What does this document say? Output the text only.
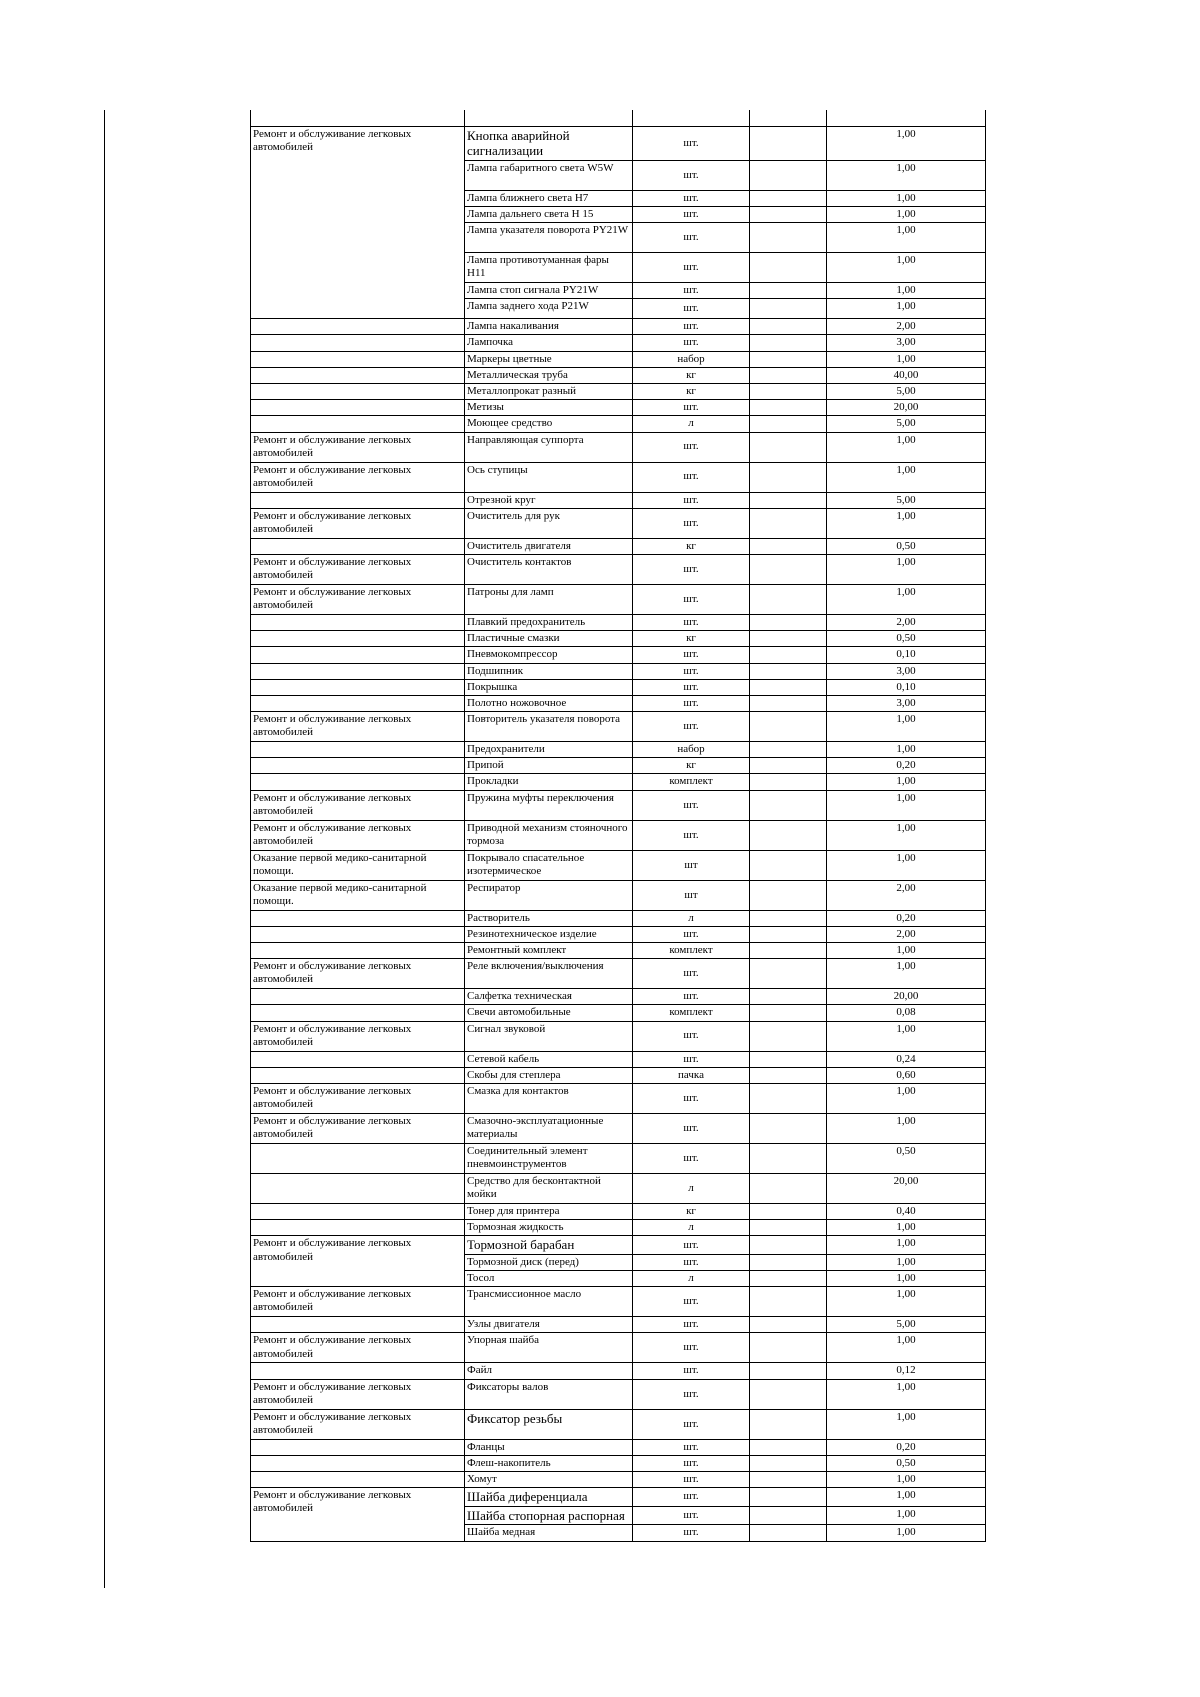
Ремонт и обслуживание легковых автомобилей	Кнопка аварийной сигнализации	шт.		1,00
	Лампа габаритного света W5W	шт.		1,00
	Лампа ближнего света H7	шт.		1,00
	Лампа дальнего света H 15	шт.		1,00
	Лампа указателя поворота PY21W	шт.		1,00
	Лампа противотуманная фары H11	шт.		1,00
	Лампа стоп сигнала PY21W	шт.		1,00
	Лампа заднего хода P21W	шт.		1,00
	Лампа накаливания	шт.		2,00
	Лампочка	шт.		3,00
	Маркеры цветные	набор		1,00
	Металлическая труба	кг		40,00
	Металлопрокат разный	кг		5,00
	Метизы	шт.		20,00
	Моющее средство	л		5,00
Ремонт и обслуживание легковых автомобилей	Направляющая суппорта	шт.		1,00
Ремонт и обслуживание легковых автомобилей	Ось ступицы	шт.		1,00
	Отрезной круг	шт.		5,00
Ремонт и обслуживание легковых автомобилей	Очиститель для рук	шт.		1,00
	Очиститель двигателя	кг		0,50
Ремонт и обслуживание легковых автомобилей	Очиститель контактов	шт.		1,00
Ремонт и обслуживание легковых автомобилей	Патроны для ламп	шт.		1,00
	Плавкий предохранитель	шт.		2,00
	Пластичные смазки	кг		0,50
	Пневмокомпрессор	шт.		0,10
	Подшипник	шт.		3,00
	Покрышка	шт.		0,10
	Полотно ножовочное	шт.		3,00
Ремонт и обслуживание легковых автомобилей	Повторитель указателя поворота	шт.		1,00
	Предохранители	набор		1,00
	Припой	кг		0,20
	Прокладки	комплект		1,00
Ремонт и обслуживание легковых автомобилей	Пружина муфты переключения	шт.		1,00
Ремонт и обслуживание легковых автомобилей	Приводной механизм стояночного тормоза	шт.		1,00
Оказание первой медико-санитарной помощи.	Покрывало спасательное изотермическое	шт		1,00
Оказание первой медико-санитарной помощи.	Респиратор	шт		2,00
	Растворитель	л		0,20
	Резинотехническое изделие	шт.		2,00
	Ремонтный комплект	комплект		1,00
Ремонт и обслуживание легковых автомобилей	Реле включения/выключения	шт.		1,00
	Салфетка техническая	шт.		20,00
	Свечи автомобильные	комплект		0,08
Ремонт и обслуживание легковых автомобилей	Сигнал звуковой	шт.		1,00
	Сетевой кабель	шт.		0,24
	Скобы для степлера	пачка		0,60
Ремонт и обслуживание легковых автомобилей	Смазка для контактов	шт.		1,00
Ремонт и обслуживание легковых автомобилей	Смазочно-эксплуатационные материалы	шт.		1,00
	Соединительный элемент пневмоинструментов	шт.		0,50
	Средство для бесконтактной мойки	л		20,00
	Тонер для принтера	кг		0,40
	Тормозная жидкость	л		1,00
Ремонт и обслуживание легковых автомобилей	Тормозной барабан	шт.		1,00
	Тормозной диск (перед)	шт.		1,00
	Тосол	л		1,00
Ремонт и обслуживание легковых автомобилей	Трансмиссионное масло	шт.		1,00
	Узлы двигателя	шт.		5,00
Ремонт и обслуживание легковых автомобилей	Упорная шайба	шт.		1,00
	Файл	шт.		0,12
Ремонт и обслуживание легковых автомобилей	Фиксаторы валов	шт.		1,00
Ремонт и обслуживание легковых автомобилей	Фиксатор резьбы	шт.		1,00
	Фланцы	шт.		0,20
	Флеш-накопитель	шт.		0,50
	Хомут	шт.		1,00
Ремонт и обслуживание легковых автомобилей	Шайба диференциала	шт.		1,00
	Шайба стопорная распорная	шт.		1,00
	Шайба медная	шт.		1,00
